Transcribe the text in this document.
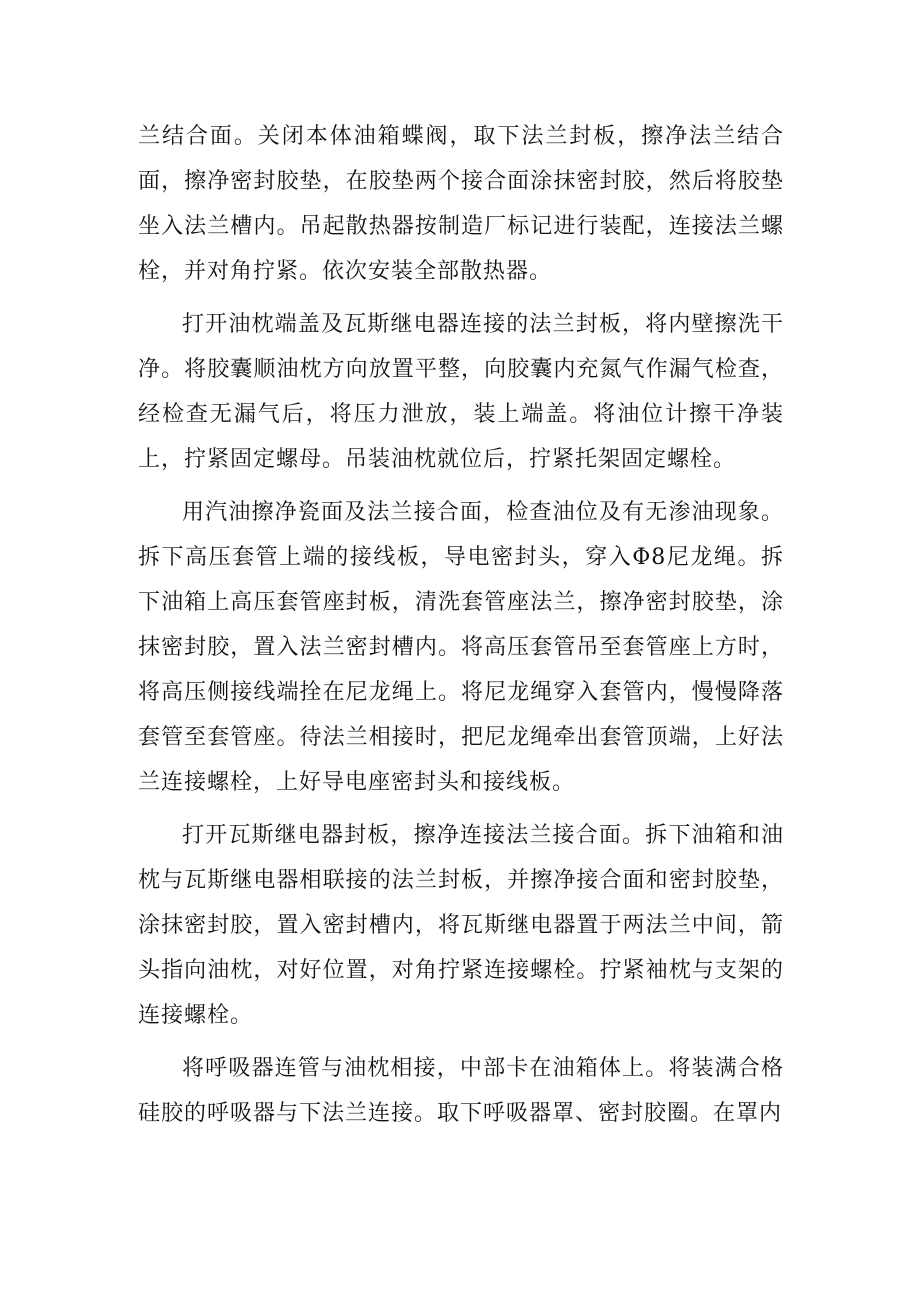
兰结合面。关闭本体油箱蝶阀，取下法兰封板，擦净法兰结合面，擦净密封胶垫，在胶垫两个接合面涂抹密封胶，然后将胶垫坐入法兰槽内。吊起散热器按制造厂标记进行装配，连接法兰螺栓，并对角拧紧。依次安装全部散热器。

打开油枕端盖及瓦斯继电器连接的法兰封板，将内壁擦洗干净。将胶囊顺油枕方向放置平整，向胶囊内充氮气作漏气检查，经检查无漏气后，将压力泄放，装上端盖。将油位计擦干净装上，拧紧固定螺母。吊装油枕就位后，拧紧托架固定螺栓。

用汽油擦净瓷面及法兰接合面，检查油位及有无渗油现象。拆下高压套管上端的接线板，导电密封头，穿入Φ8尼龙绳。拆下油箱上高压套管座封板，清洗套管座法兰，擦净密封胶垫，涂抹密封胶，置入法兰密封槽内。将高压套管吊至套管座上方时，将高压侧接线端拴在尼龙绳上。将尼龙绳穿入套管内，慢慢降落套管至套管座。待法兰相接时，把尼龙绳牵出套管顶端，上好法兰连接螺栓，上好导电座密封头和接线板。

打开瓦斯继电器封板，擦净连接法兰接合面。拆下油箱和油枕与瓦斯继电器相联接的法兰封板，并擦净接合面和密封胶垫，涂抹密封胶，置入密封槽内，将瓦斯继电器置于两法兰中间，箭头指向油枕，对好位置，对角拧紧连接螺栓。拧紧袖枕与支架的连接螺栓。

将呼吸器连管与油枕相接，中部卡在油箱体上。将装满合格硅胶的呼吸器与下法兰连接。取下呼吸器罩、密封胶圈。在罩内
